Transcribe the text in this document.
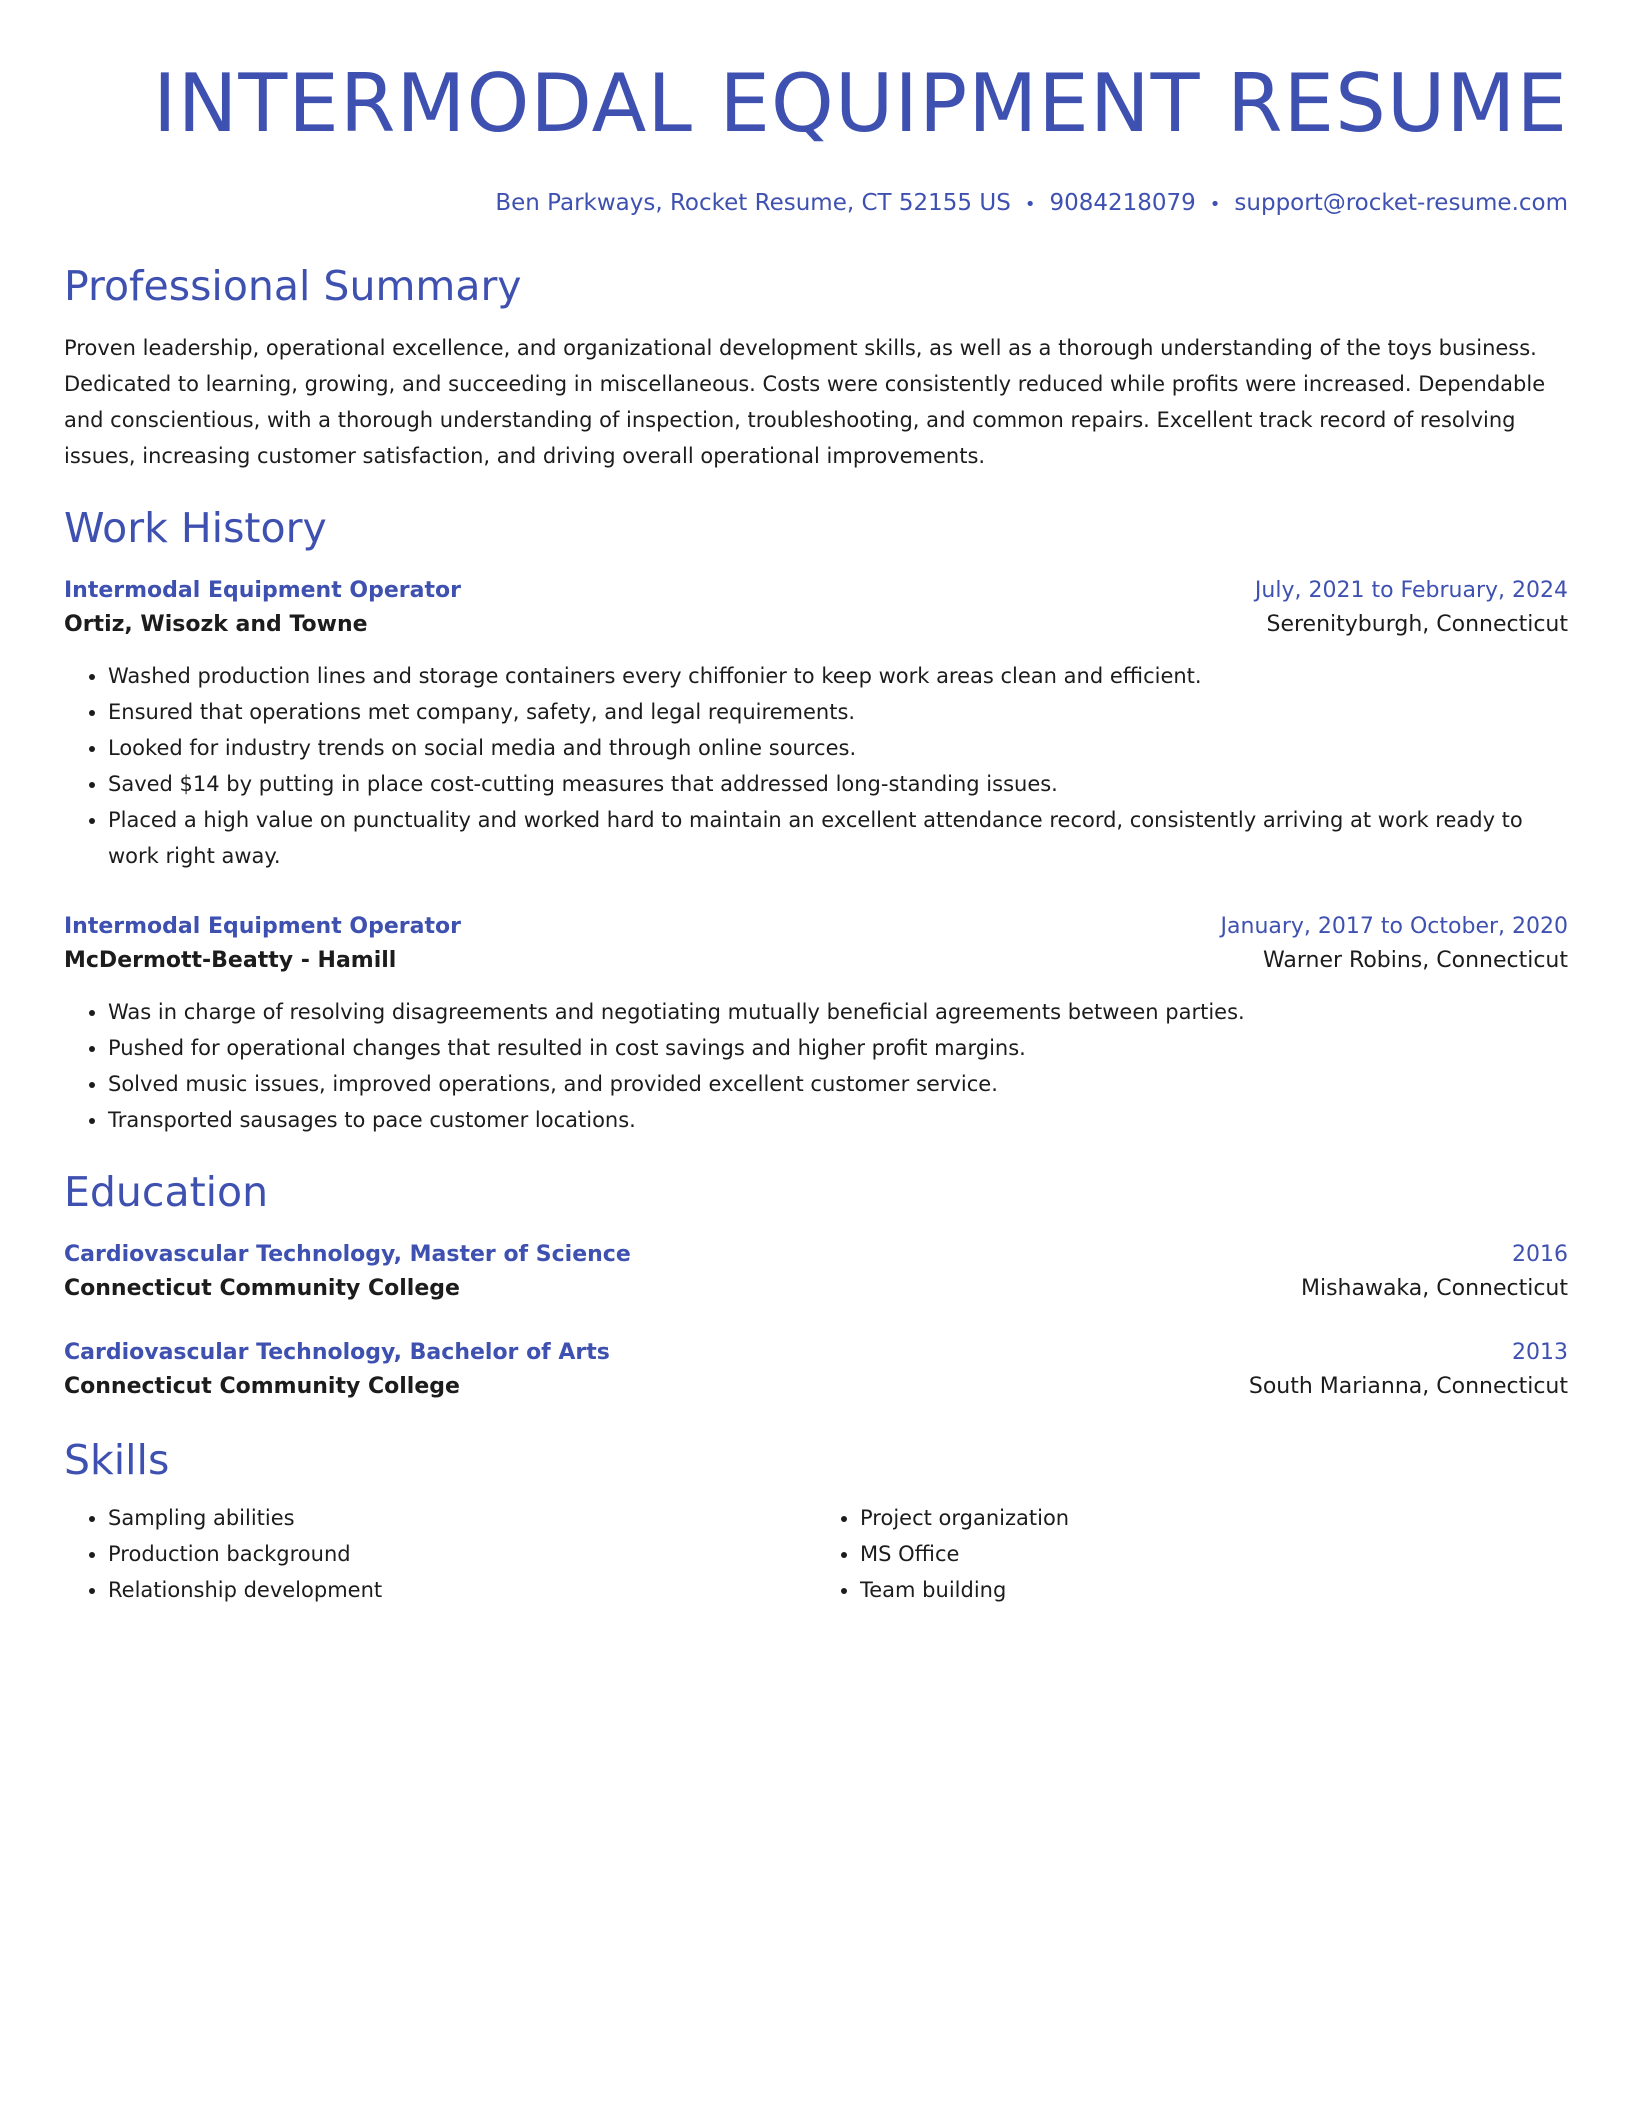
INTERMODAL EQUIPMENT RESUME
Ben Parkways, Rocket Resume, CT 52155 US • 9084218079 • support@rocket-resume.com
Professional Summary

Proven leadership, operational excellence, and organizational development skills, as well as a thorough understanding of the toys business. Dedicated to learning, growing, and succeeding in miscellaneous. Costs were consistently reduced while profits were increased. Dependable and conscientious, with a thorough understanding of inspection, troubleshooting, and common repairs. Excellent track record of resolving issues, increasing customer satisfaction, and driving overall operational improvements.

Work History
Intermodal Equipment Operator	July, 2021 to February, 2024
Ortiz, Wisozk and Towne	Serenityburgh, Connecticut
• Washed production lines and storage containers every chiffonier to keep work areas clean and efficient.
• Ensured that operations met company, safety, and legal requirements.
• Looked for industry trends on social media and through online sources.
• Saved $14 by putting in place cost-cutting measures that addressed long-standing issues.
• Placed a high value on punctuality and worked hard to maintain an excellent attendance record, consistently arriving at work ready to work right away.
Intermodal Equipment Operator	January, 2017 to October, 2020
McDermott-Beatty - Hamill	Warner Robins, Connecticut
• Was in charge of resolving disagreements and negotiating mutually beneficial agreements between parties.
• Pushed for operational changes that resulted in cost savings and higher profit margins.
• Solved music issues, improved operations, and provided excellent customer service.
• Transported sausages to pace customer locations.
Education
Cardiovascular Technology, Master of Science	2016
Connecticut Community College	Mishawaka, Connecticut
Cardiovascular Technology, Bachelor of Arts	2013
Connecticut Community College	South Marianna, Connecticut
Skills
• Sampling abilities
• Production background
• Relationship development
• Project organization
• MS Office
• Team building
